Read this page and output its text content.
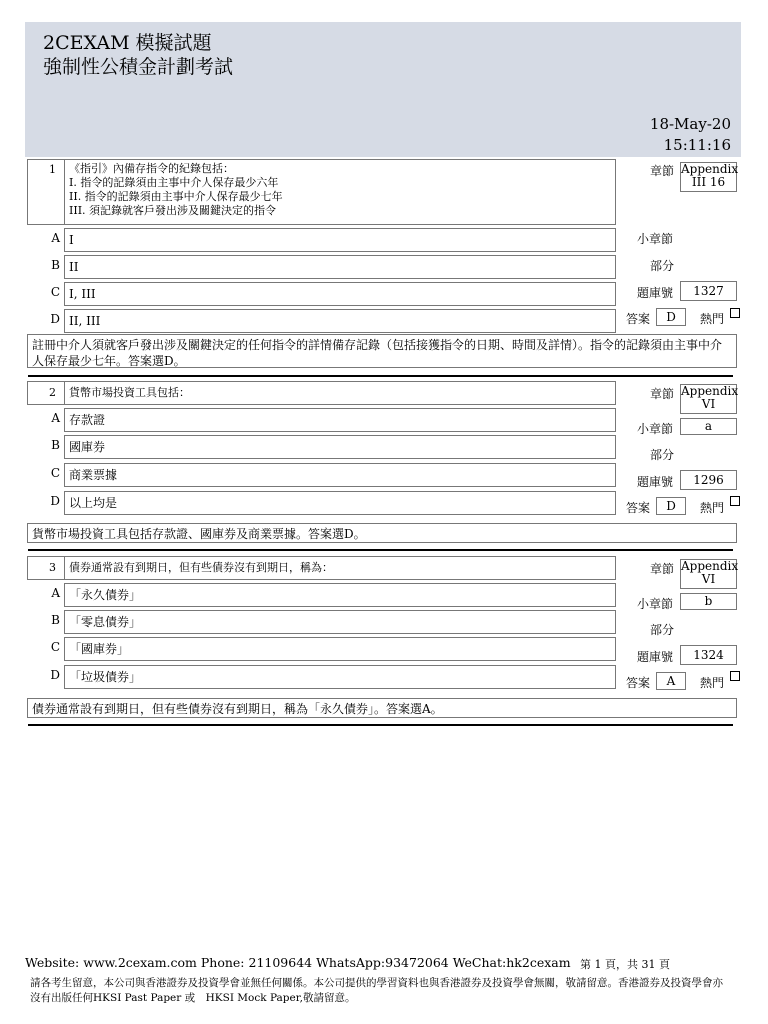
2CEXAM 模擬試題
強制性公積金計劃考試
18-May-20
15:11:16
1 《指引》內備存指令的紀錄包括：
I. 指令的記錄須由主事中介人保存最少六年
II. 指令的記錄須由主事中介人保存最少七年
III. 須記錄就客戶發出涉及關鍵決定的指令
A I
B II
C I, III
D II, III
章節 Appendix III 16
小章節
部分
題庫號	1327
答案	D	熱門
註冊中介人須就客戶發出涉及關鍵決定的任何指令的詳情備存記錄（包括接獲指令的日期、時間及詳情）。指令的記錄須由主事中介人保存最少七年。答案選D。
2 貨幣市場投資工具包括：
A 存款證
B 國庫券
C 商業票據
D 以上均是
章節 Appendix VI
小章節	a
部分
題庫號	1296
答案	D	熱門
貨幣市場投資工具包括存款證、國庫券及商業票據。答案選D。
3 債券通常設有到期日，但有些債券沒有到期日，稱為：
A 「永久債券」
B 「零息債券」
C 「國庫券」
D 「垃圾債券」
章節 Appendix VI
小章節	b
部分
題庫號	1324
答案	A	熱門
債券通常設有到期日，但有些債券沒有到期日，稱為「永久債券」。答案選A。
Website: www.2cexam.com Phone: 21109644 WhatsApp:93472064 WeChat:hk2cexam 第 1 頁，共 31 頁
請各考生留意，本公司與香港證券及投資學會並無任何關係。本公司提供的學習資料也與香港證券及投資學會無關，敬請留意。香港證券及投資學會亦沒有出版任何HKSI Past Paper 或　HKSI Mock Paper,敬請留意。
